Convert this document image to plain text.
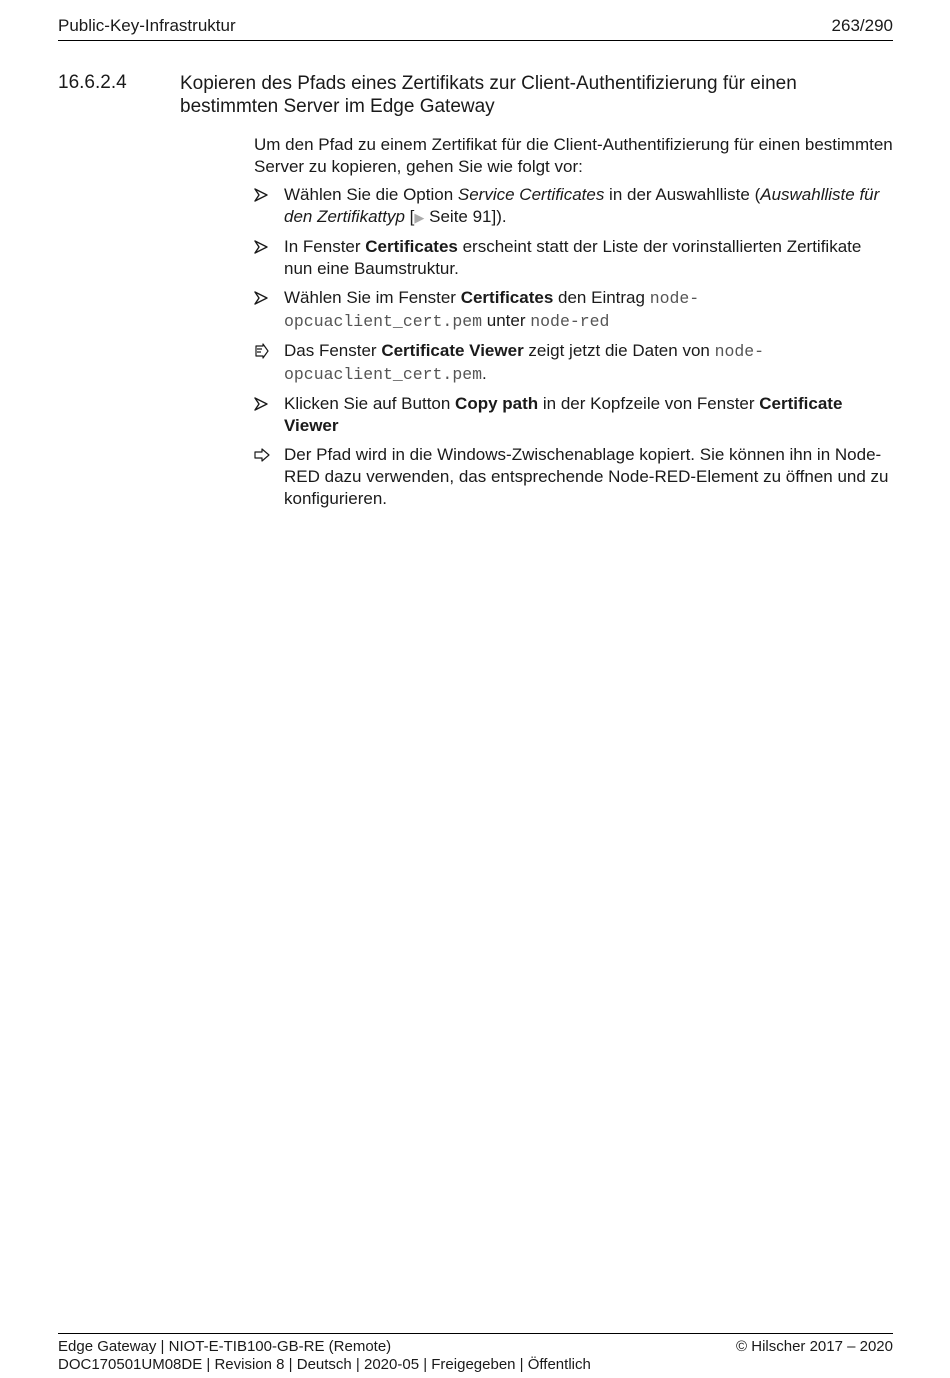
Public-Key-Infrastruktur	263/290
16.6.2.4	Kopieren des Pfads eines Zertifikats zur Client-Authentifizierung für einen bestimmten Server im Edge Gateway

Um den Pfad zu einem Zertifikat für die Client-Authentifizierung für einen bestimmten Server zu kopieren, gehen Sie wie folgt vor:

Wählen Sie die Option Service Certificates in der Auswahlliste (Auswahlliste für den Zertifikattyp [▶ Seite 91]).
In Fenster Certificates erscheint statt der Liste der vorinstallierten Zertifikate nun eine Baumstruktur.
Wählen Sie im Fenster Certificates den Eintrag node-opcuaclient_cert.pem unter node-red
Das Fenster Certificate Viewer zeigt jetzt die Daten von node-opcuaclient_cert.pem.
Klicken Sie auf Button Copy path in der Kopfzeile von Fenster Certificate Viewer
Der Pfad wird in die Windows-Zwischenablage kopiert. Sie können ihn in Node-RED dazu verwenden, das entsprechende Node-RED-Element zu öffnen und zu konfigurieren.
Edge Gateway | NIOT-E-TIB100-GB-RE (Remote)
DOC170501UM08DE | Revision 8 | Deutsch | 2020-05 | Freigegeben | Öffentlich
© Hilscher 2017 – 2020
